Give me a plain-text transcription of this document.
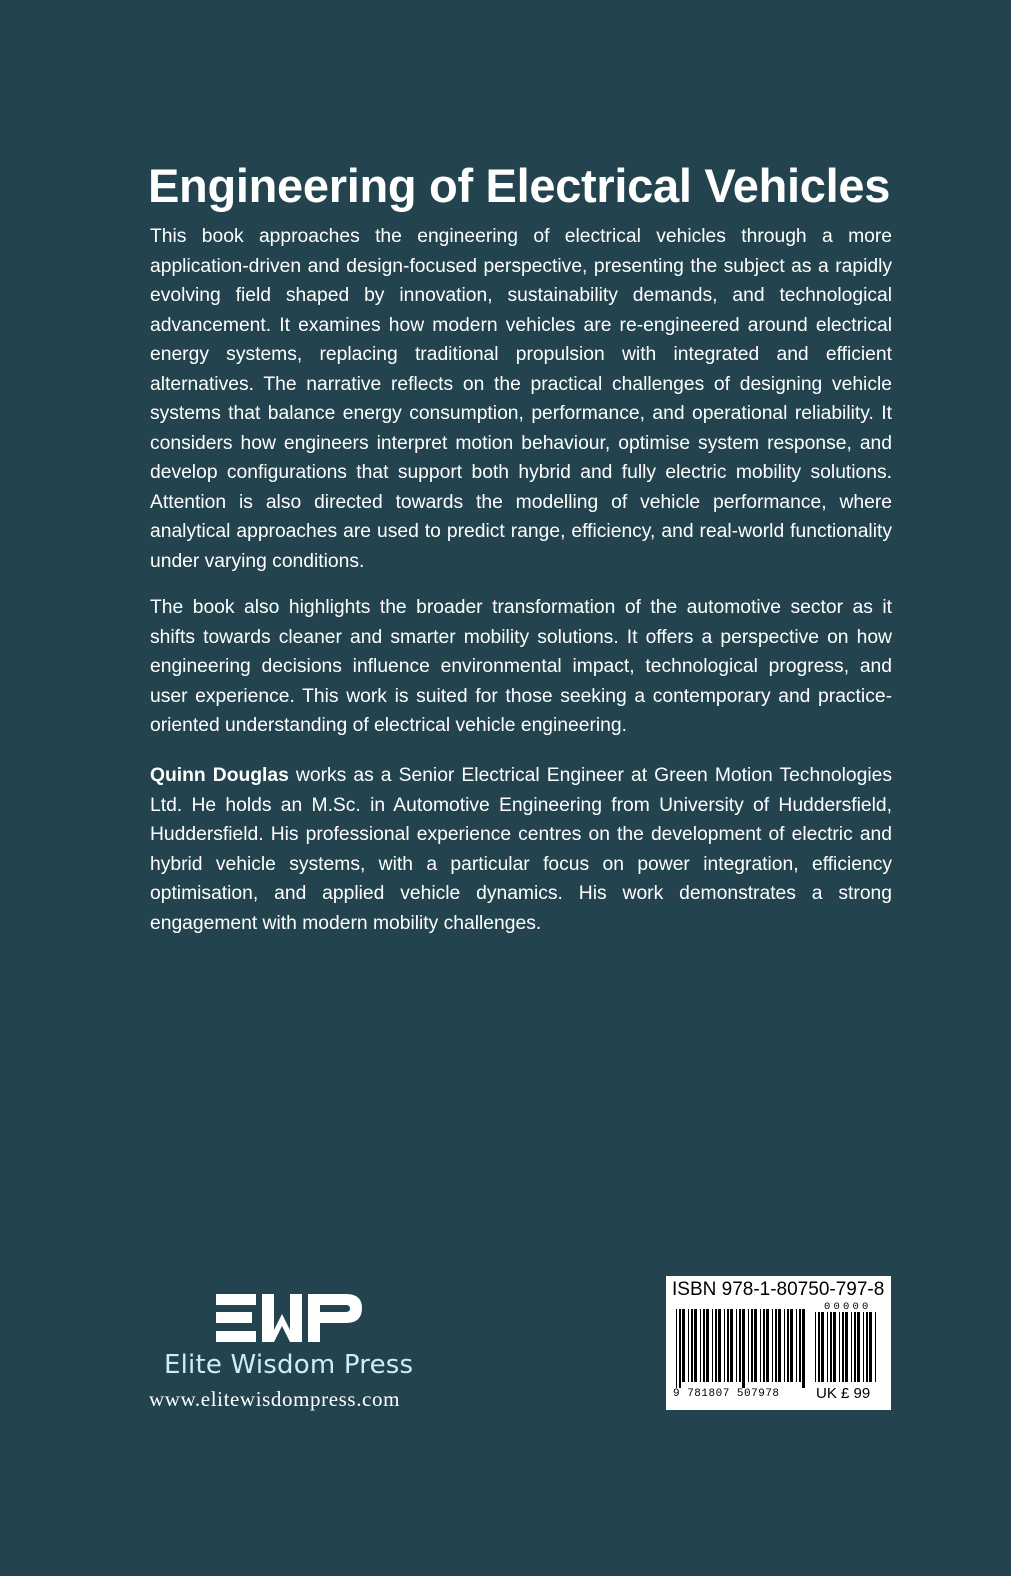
Engineering of Electrical Vehicles

This book approaches the engineering of electrical vehicles through a more application-driven and design-focused perspective, presenting the subject as a rapidly evolving field shaped by innovation, sustainability demands, and technological advancement. It examines how modern vehicles are re-engineered around electrical energy systems, replacing traditional propulsion with integrated and efficient alternatives. The narrative reflects on the practical challenges of designing vehicle systems that balance energy consumption, performance, and operational reliability. It considers how engineers interpret motion behaviour, optimise system response, and develop configurations that support both hybrid and fully electric mobility solutions. Attention is also directed towards the modelling of vehicle performance, where analytical approaches are used to predict range, efficiency, and real-world functionality under varying conditions.

The book also highlights the broader transformation of the automotive sector as it shifts towards cleaner and smarter mobility solutions. It offers a perspective on how engineering decisions influence environmental impact, technological progress, and user experience. This work is suited for those seeking a contemporary and practice-oriented understanding of electrical vehicle engineering.

Quinn Douglas works as a Senior Electrical Engineer at Green Motion Technologies Ltd. He holds an M.Sc. in Automotive Engineering from University of Huddersfield, Huddersfield. His professional experience centres on the development of electric and hybrid vehicle systems, with a particular focus on power integration, efficiency optimisation, and applied vehicle dynamics. His work demonstrates a strong engagement with modern mobility challenges.

Elite Wisdom Press

www.elitewisdompress.com

ISBN 978-1-80750-797-8
00000
9 781807 507978 UK £ 99
